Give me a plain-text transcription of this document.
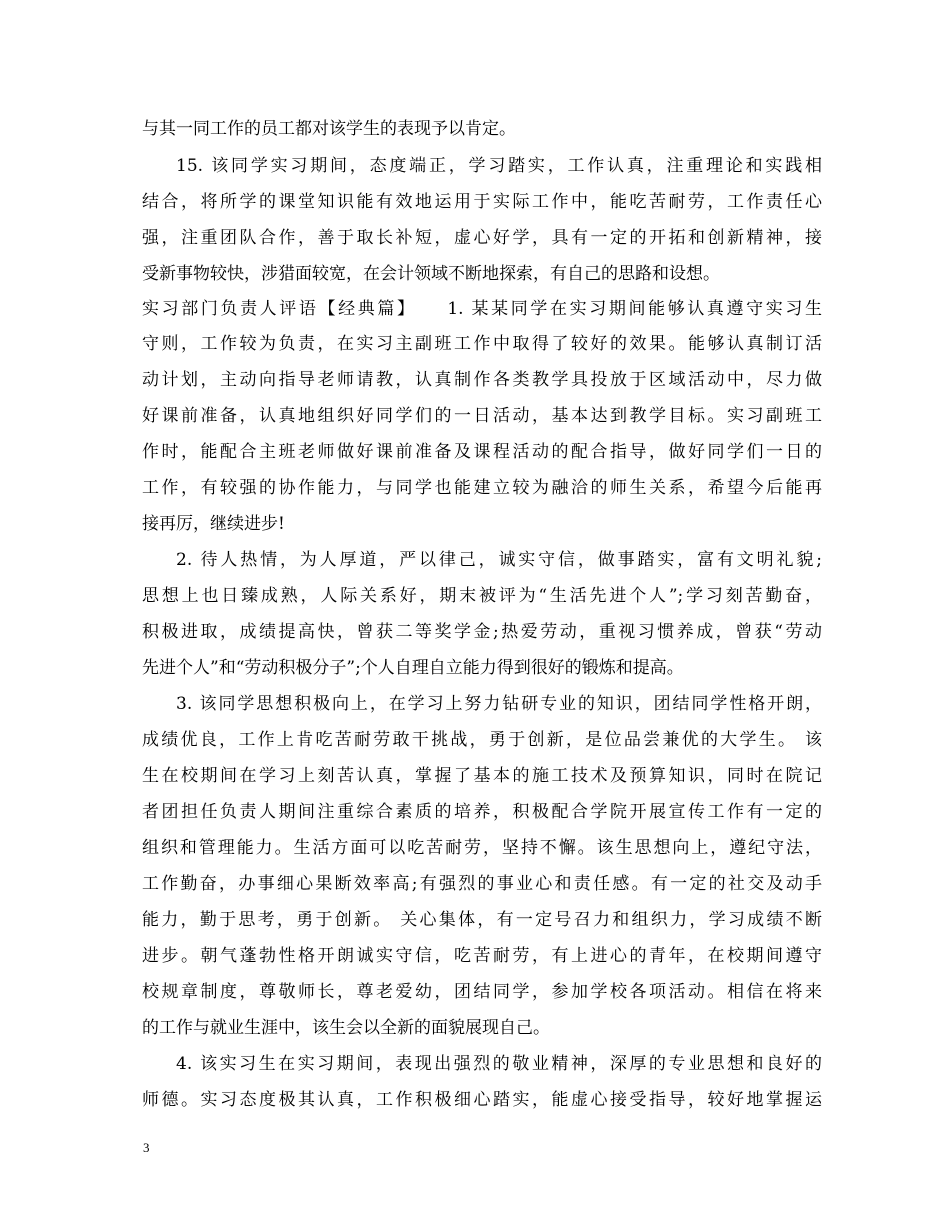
与其一同工作的员工都对该学生的表现予以肯定。
15. 该同学实习期间，态度端正，学习踏实，工作认真，注重理论和实践相
结合，将所学的课堂知识能有效地运用于实际工作中，能吃苦耐劳，工作责任心
强，注重团队合作，善于取长补短，虚心好学，具有一定的开拓和创新精神，接
受新事物较快，涉猎面较宽，在会计领域不断地探索，有自己的思路和设想。
实习部门负责人评语【经典篇】　　1. 某某同学在实习期间能够认真遵守实习生
守则，工作较为负责，在实习主副班工作中取得了较好的效果。能够认真制订活
动计划，主动向指导老师请教，认真制作各类教学具投放于区域活动中，尽力做
好课前准备，认真地组织好同学们的一日活动，基本达到教学目标。实习副班工
作时，能配合主班老师做好课前准备及课程活动的配合指导，做好同学们一日的
工作，有较强的协作能力，与同学也能建立较为融洽的师生关系，希望今后能再
接再厉，继续进步!
2. 待人热情，为人厚道，严以律己，诚实守信，做事踏实，富有文明礼貌;
思想上也日臻成熟，人际关系好，期末被评为“生活先进个人”;学习刻苦勤奋，
积极进取，成绩提高快，曾获二等奖学金;热爱劳动，重视习惯养成，曾获“劳动
先进个人”和“劳动积极分子”;个人自理自立能力得到很好的锻炼和提高。
3. 该同学思想积极向上，在学习上努力钻研专业的知识，团结同学性格开朗，
成绩优良，工作上肯吃苦耐劳敢干挑战，勇于创新，是位品尝兼优的大学生。 该
生在校期间在学习上刻苦认真，掌握了基本的施工技术及预算知识，同时在院记
者团担任负责人期间注重综合素质的培养，积极配合学院开展宣传工作有一定的
组织和管理能力。生活方面可以吃苦耐劳，坚持不懈。该生思想向上，遵纪守法，
工作勤奋，办事细心果断效率高;有强烈的事业心和责任感。有一定的社交及动手
能力，勤于思考，勇于创新。 关心集体，有一定号召力和组织力，学习成绩不断
进步。朝气蓬勃性格开朗诚实守信，吃苦耐劳，有上进心的青年，在校期间遵守
校规章制度，尊敬师长，尊老爱幼，团结同学，参加学校各项活动。相信在将来
的工作与就业生涯中，该生会以全新的面貌展现自己。
4. 该实习生在实习期间，表现出强烈的敬业精神，深厚的专业思想和良好的
师德。实习态度极其认真，工作积极细心踏实，能虚心接受指导，较好地掌握运
3
